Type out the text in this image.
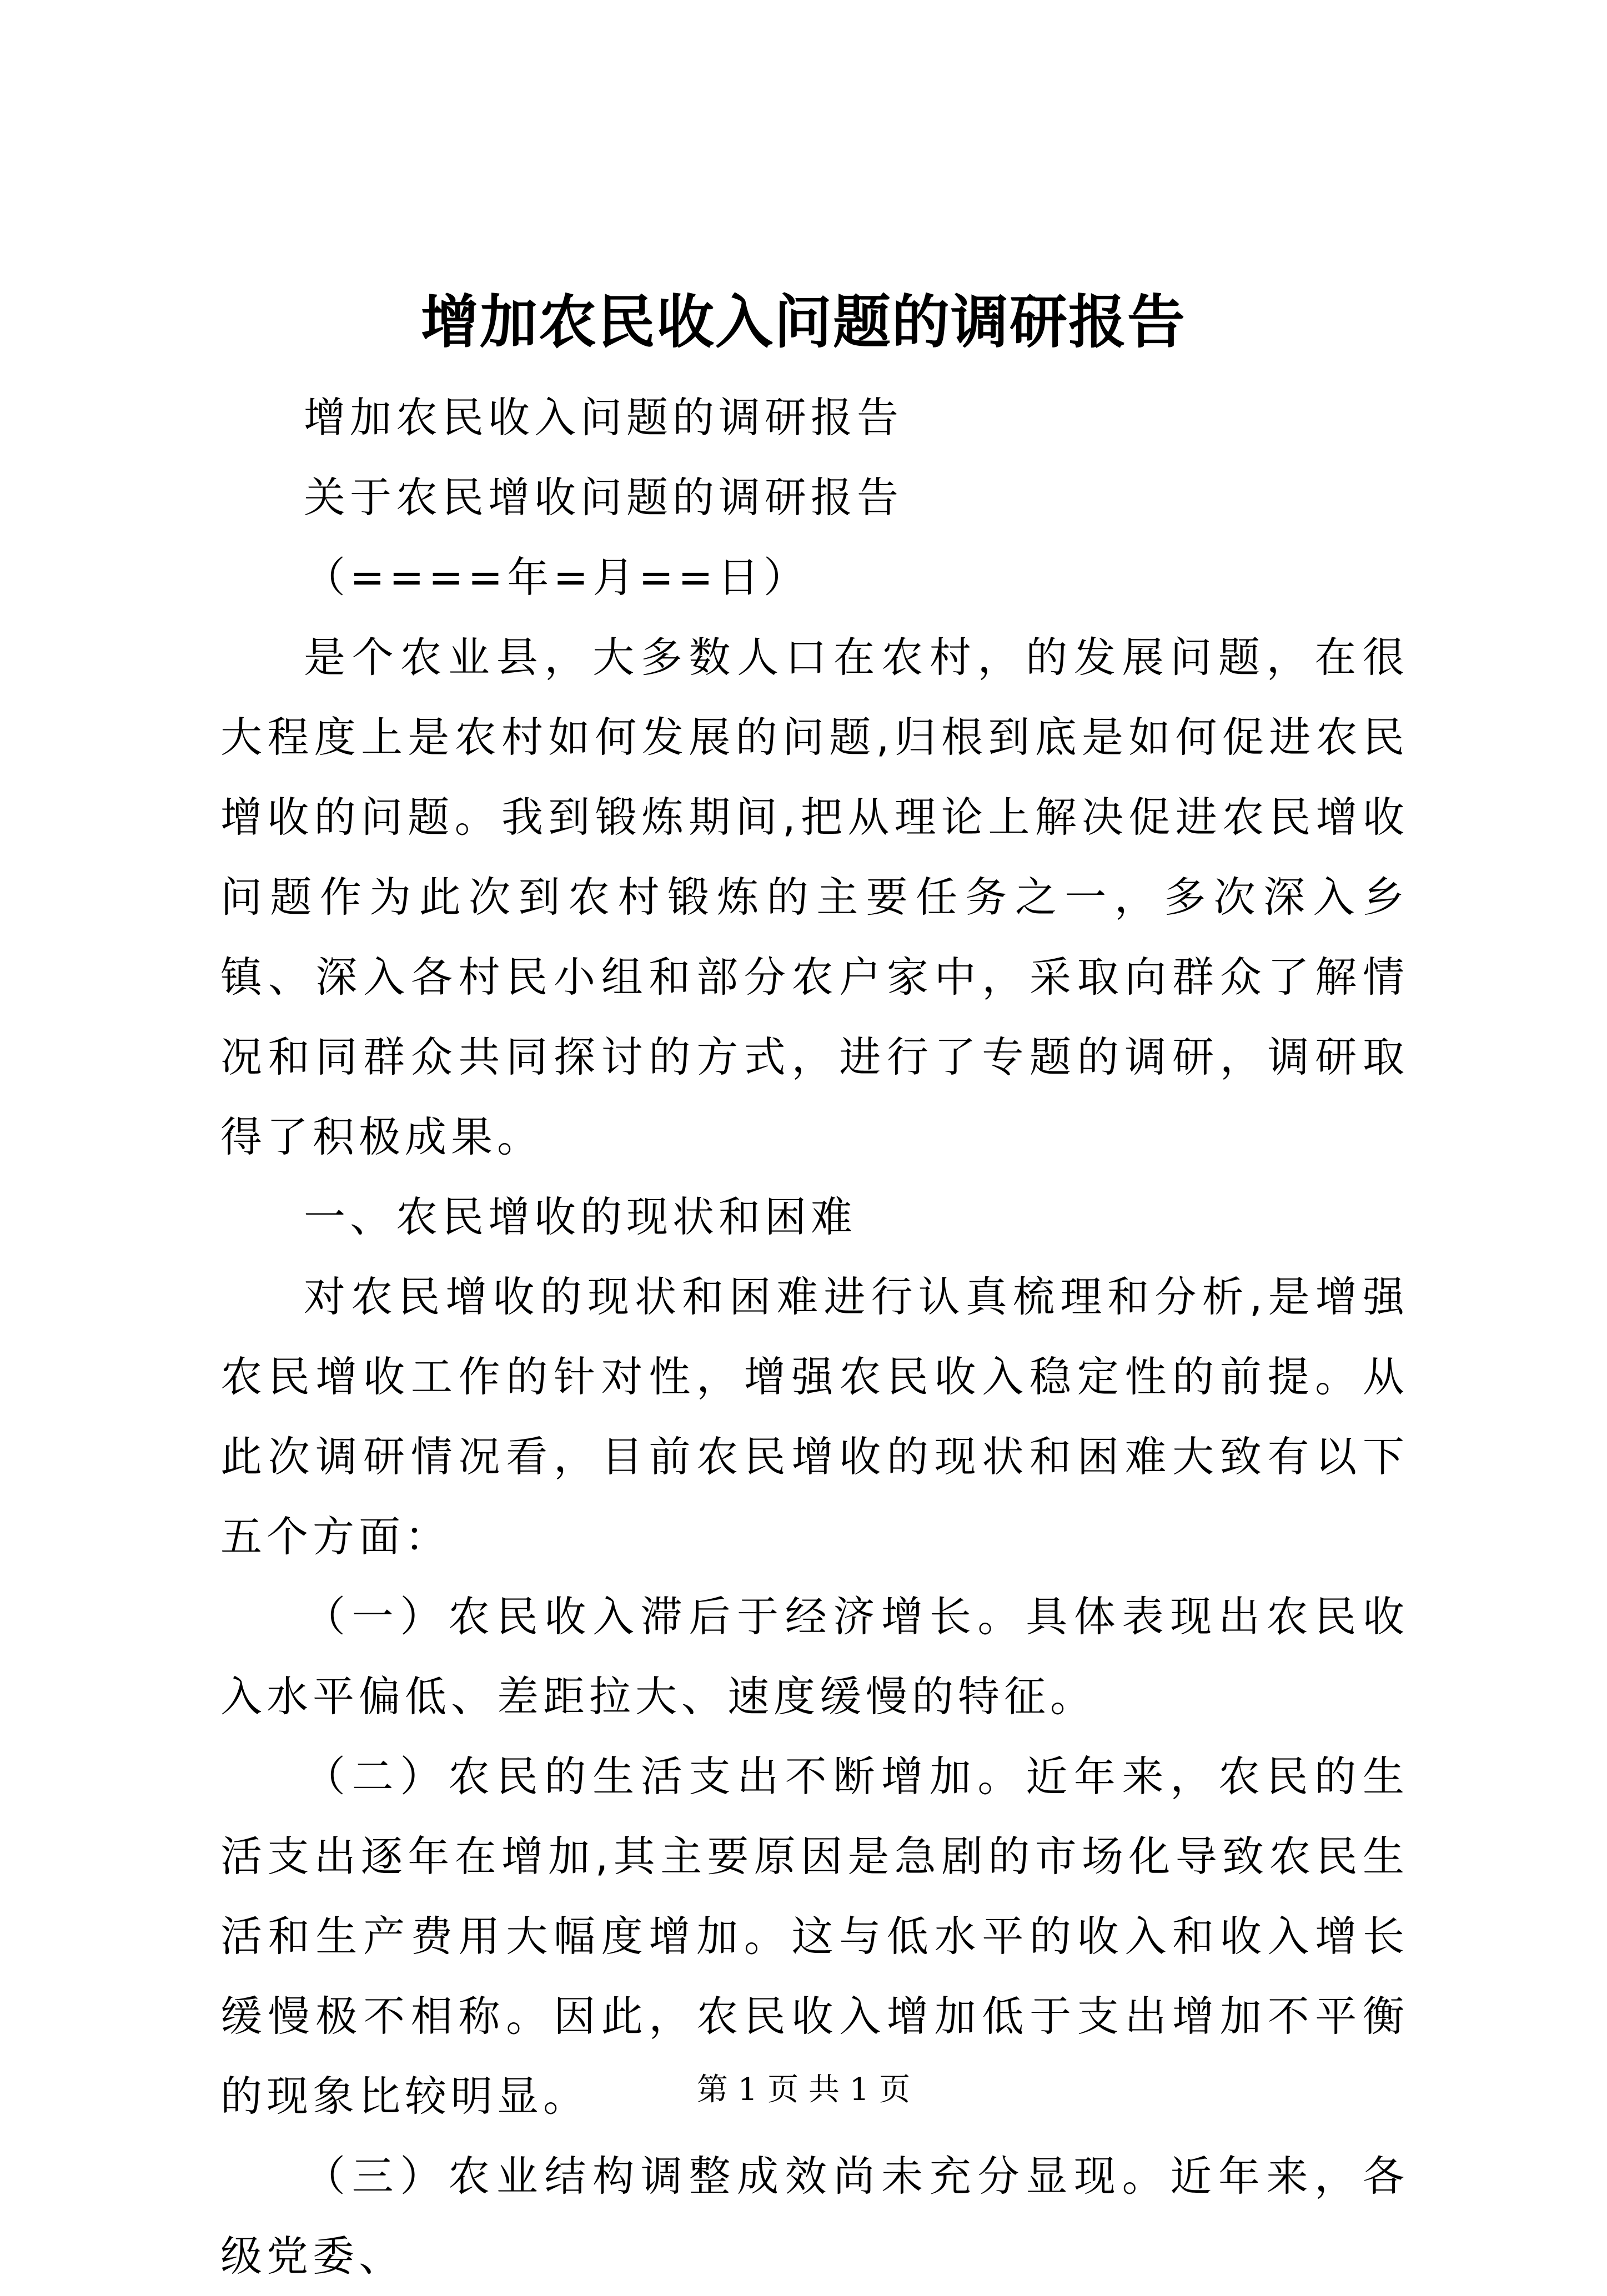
增加农民收入问题的调研报告

增加农民收入问题的调研报告

关于农民增收问题的调研报告

（====年=月==日）

是个农业县，大多数人口在农村，的发展问题，在很大程度上是农村如何发展的问题,归根到底是如何促进农民增收的问题。我到锻炼期间,把从理论上解决促进农民增收问题作为此次到农村锻炼的主要任务之一，多次深入乡镇、深入各村民小组和部分农户家中，采取向群众了解情况和同群众共同探讨的方式，进行了专题的调研，调研取得了积极成果。

一、农民增收的现状和困难

对农民增收的现状和困难进行认真梳理和分析,是增强农民增收工作的针对性，增强农民收入稳定性的前提。从此次调研情况看，目前农民增收的现状和困难大致有以下五个方面：

（一）农民收入滞后于经济增长。具体表现出农民收入水平偏低、差距拉大、速度缓慢的特征。

（二）农民的生活支出不断增加。近年来，农民的生活支出逐年在增加,其主要原因是急剧的市场化导致农民生活和生产费用大幅度增加。这与低水平的收入和收入增长缓慢极不相称。因此，农民收入增加低于支出增加不平衡的现象比较明显。

（三）农业结构调整成效尚未充分显现。近年来，各级党委、

第 1 页 共 1 页
